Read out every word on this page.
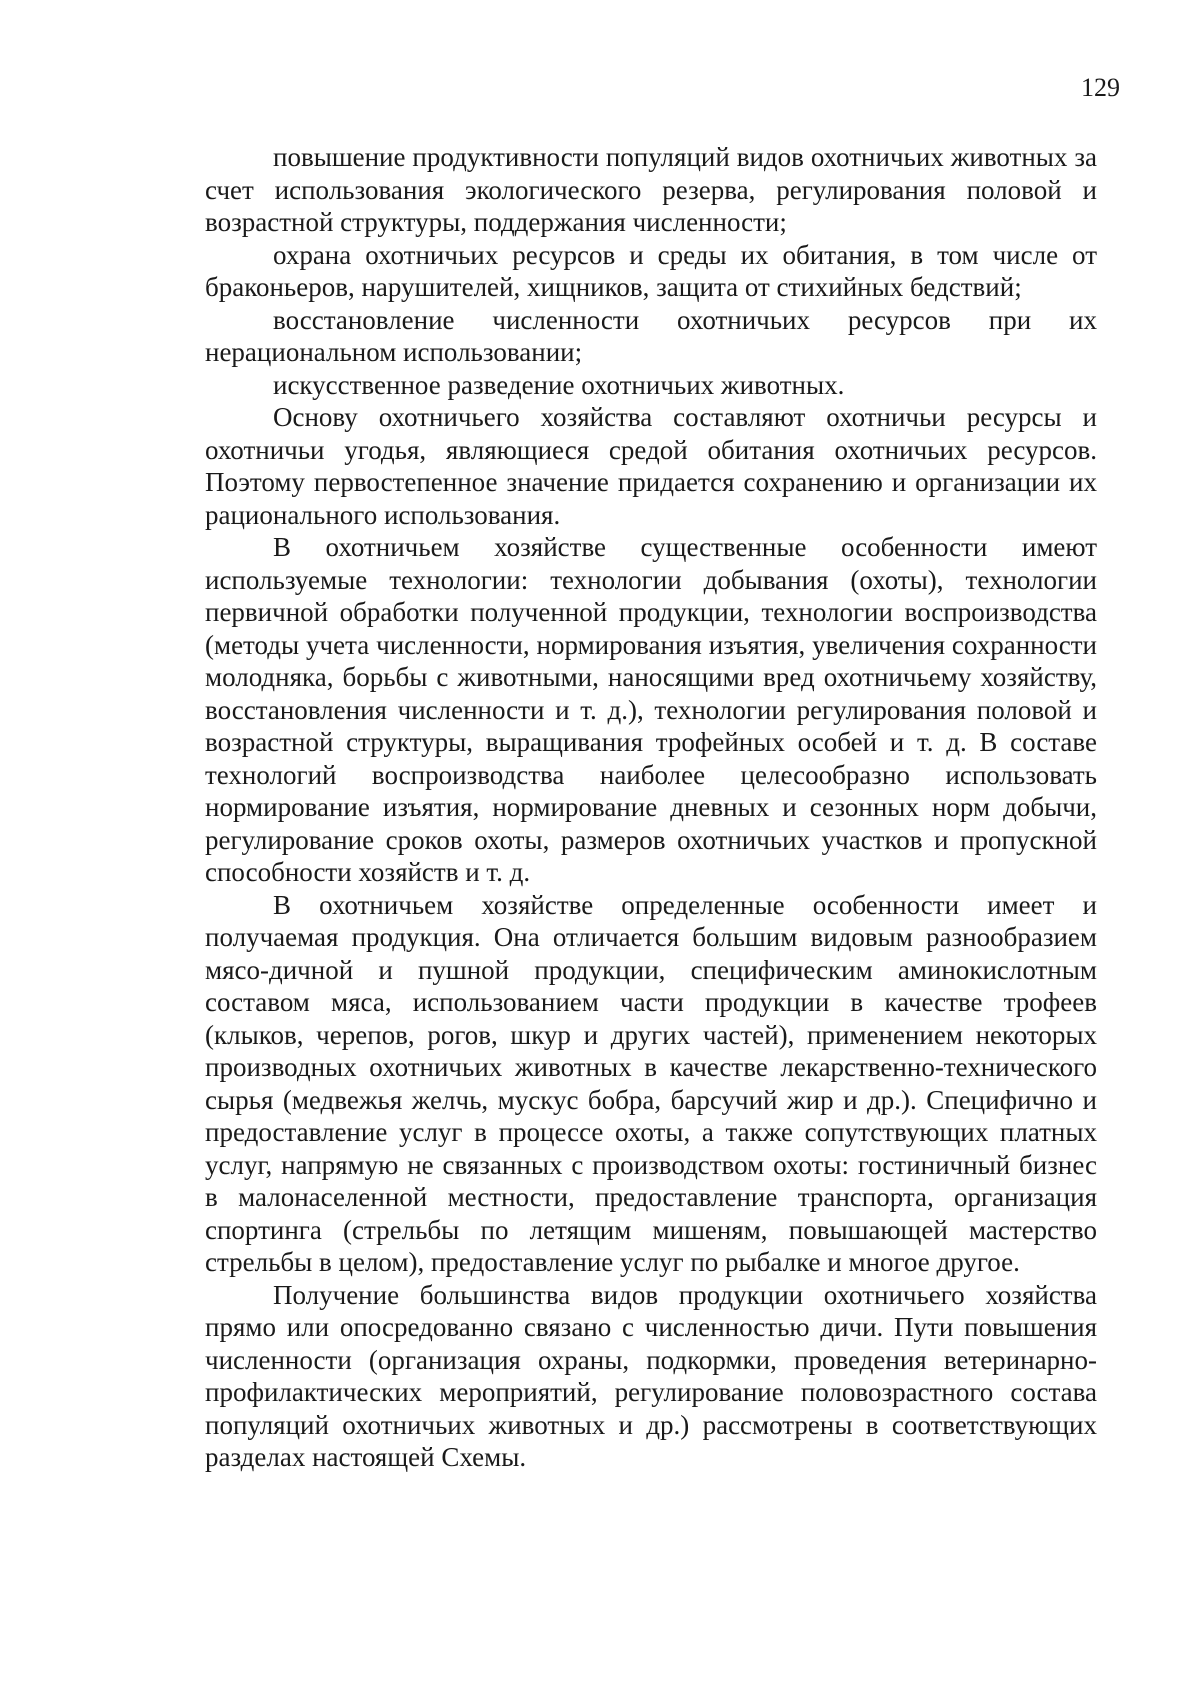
129

повышение продуктивности популяций видов охотничьих животных за счет использования экологического резерва, регулирования половой и возрастной структуры, поддержания численности;

охрана охотничьих ресурсов и среды их обитания, в том числе от браконьеров, нарушителей, хищников, защита от стихийных бедствий;

восстановление численности охотничьих ресурсов при их нерациональном использовании;

искусственное разведение охотничьих животных.

Основу охотничьего хозяйства составляют охотничьи ресурсы и охотничьи угодья, являющиеся средой обитания охотничьих ресурсов. Поэтому первостепенное значение придается сохранению и организации их рационального использования.

В охотничьем хозяйстве существенные особенности имеют используемые технологии: технологии добывания (охоты), технологии первичной обработки полученной продукции, технологии воспроизводства (методы учета численности, нормирования изъятия, увеличения сохранности молодняка, борьбы с животными, наносящими вред охотничьему хозяйству, восстановления численности и т. д.), технологии регулирования половой и возрастной структуры, выращивания трофейных особей и т. д. В составе технологий воспроизводства наиболее целесообразно использовать нормирование изъятия, нормирование дневных и сезонных норм добычи, регулирование сроков охоты, размеров охотничьих участков и пропускной способности хозяйств и т. д.

В охотничьем хозяйстве определенные особенности имеет и получаемая продукция. Она отличается большим видовым разнообразием мясо-дичной и пушной продукции, специфическим аминокислотным составом мяса, использованием части продукции в качестве трофеев (клыков, черепов, рогов, шкур и других частей), применением некоторых производных охотничьих животных в качестве лекарственно-технического сырья (медвежья желчь, мускус бобра, барсучий жир и др.). Специфично и предоставление услуг в процессе охоты, а также сопутствующих платных услуг, напрямую не связанных с производством охоты: гостиничный бизнес в малонаселенной местности, предоставление транспорта, организация спортинга (стрельбы по летящим мишеням, повышающей мастерство стрельбы в целом), предоставление услуг по рыбалке и многое другое.

Получение большинства видов продукции охотничьего хозяйства прямо или опосредованно связано с численностью дичи. Пути повышения численности (организация охраны, подкормки, проведения ветеринарно-профилактических мероприятий, регулирование половозрастного состава популяций охотничьих животных и др.) рассмотрены в соответствующих разделах настоящей Схемы.
